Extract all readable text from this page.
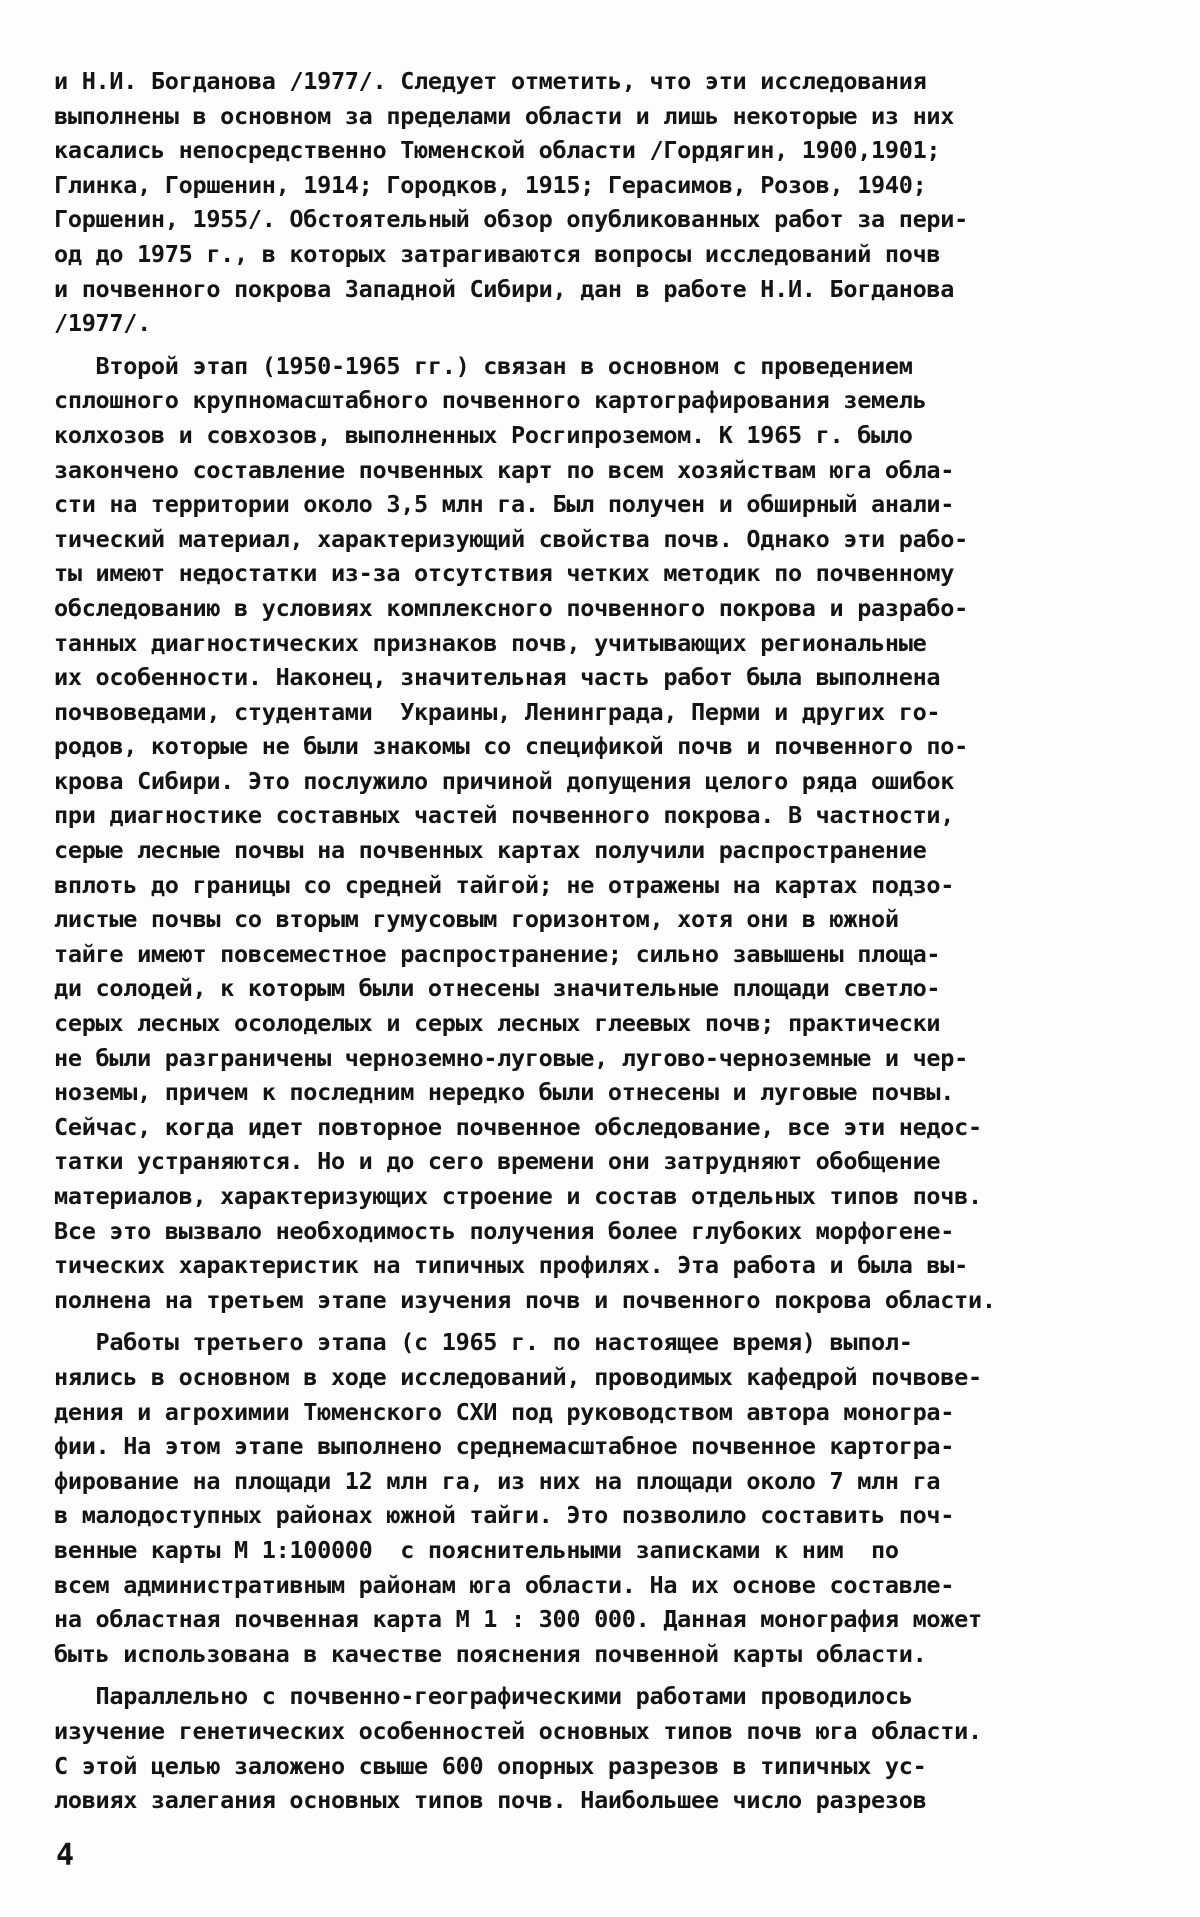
и Н.И. Богданова /1977/. Следует отметить, что эти исследования
выполнены в основном за пределами области и лишь некоторые из них
касались непосредственно Тюменской области /Гордягин, 1900,1901;
Глинка, Горшенин, 1914; Городков, 1915; Герасимов, Розов, 1940;
Горшенин, 1955/. Обстоятельный обзор опубликованных работ за пери-
од до 1975 г., в которых затрагиваются вопросы исследований почв
и почвенного покрова Западной Сибири, дан в работе Н.И. Богданова
/1977/.
Второй этап (1950-1965 гг.) связан в основном с проведением
сплошного крупномасштабного почвенного картографирования земель
колхозов и совхозов, выполненных Росгипроземом. К 1965 г. было
закончено составление почвенных карт по всем хозяйствам юга обла-
сти на территории около 3,5 млн га. Был получен и обширный анали-
тический материал, характеризующий свойства почв. Однако эти рабо-
ты имеют недостатки из-за отсутствия четких методик по почвенному
обследованию в условиях комплексного почвенного покрова и разрабо-
танных диагностических признаков почв, учитывающих региональные
их особенности. Наконец, значительная часть работ была выполнена
почвоведами, студентами  Украины, Ленинграда, Перми и других го-
родов, которые не были знакомы со спецификой почв и почвенного по-
крова Сибири. Это послужило причиной допущения целого ряда ошибок
при диагностике составных частей почвенного покрова. В частности,
серые лесные почвы на почвенных картах получили распространение
вплоть до границы со средней тайгой; не отражены на картах подзо-
листые почвы со вторым гумусовым горизонтом, хотя они в южной
тайге имеют повсеместное распространение; сильно завышены площа-
ди солодей, к которым были отнесены значительные площади светло-
серых лесных осолоделых и серых лесных глеевых почв; практически
не были разграничены черноземно-луговые, лугово-черноземные и чер-
ноземы, причем к последним нередко были отнесены и луговые почвы.
Сейчас, когда идет повторное почвенное обследование, все эти недос-
татки устраняются. Но и до сего времени они затрудняют обобщение
материалов, характеризующих строение и состав отдельных типов почв.
Все это вызвало необходимость получения более глубоких морфогене-
тических характеристик на типичных профилях. Эта работа и была вы-
полнена на третьем этапе изучения почв и почвенного покрова области.
Работы третьего этапа (с 1965 г. по настоящее время) выпол-
нялись в основном в ходе исследований, проводимых кафедрой почвове-
дения и агрохимии Тюменского СХИ под руководством автора моногра-
фии. На этом этапе выполнено среднемасштабное почвенное картогра-
фирование на площади 12 млн га, из них на площади около 7 млн га
в малодоступных районах южной тайги. Это позволило составить поч-
венные карты М 1:100000  с пояснительными записками к ним  по
всем административным районам юга области. На их основе составле-
на областная почвенная карта М 1 : 300 000. Данная монография может
быть использована в качестве пояснения почвенной карты области.
Параллельно с почвенно-географическими работами проводилось
изучение генетических особенностей основных типов почв юга области.
С этой целью заложено свыше 600 опорных разрезов в типичных ус-
ловиях залегания основных типов почв. Наибольшее число разрезов
4
